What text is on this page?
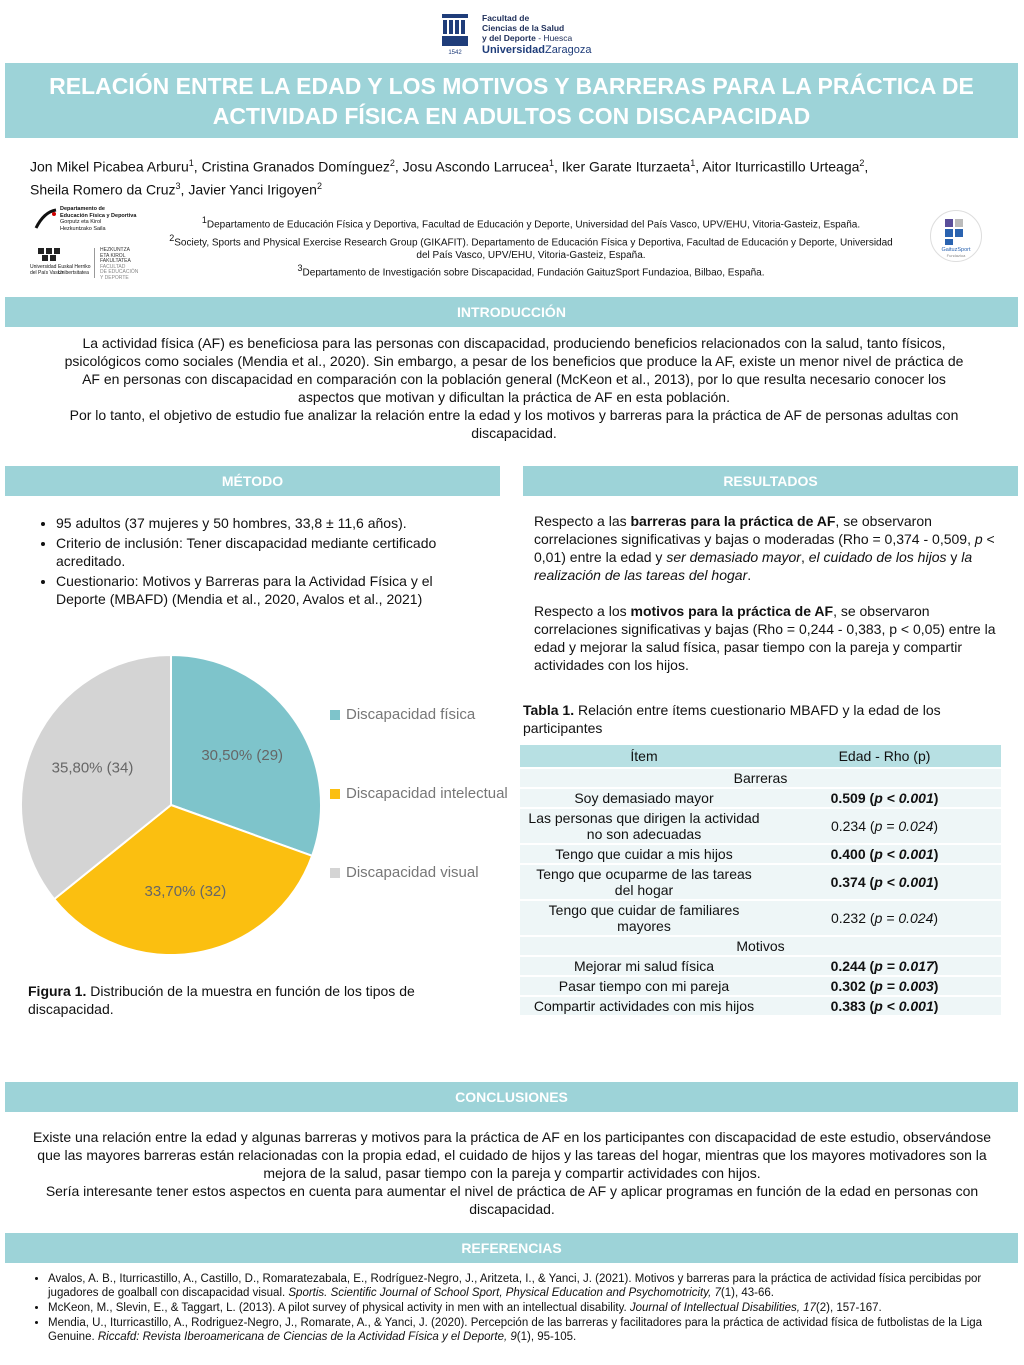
1542
Facultad de
Ciencias de la Salud
y del Deporte - Huesca
UniversidadZaragoza
RELACIÓN ENTRE LA EDAD Y LOS MOTIVOS Y BARRERAS PARA LA PRÁCTICA DE
ACTIVIDAD FÍSICA EN ADULTOS CON DISCAPACIDAD
Jon Mikel Picabea Arburu$^1$, Cristina Granados Domínguez$^2$, Josu Ascondo Larrucea$^1$, Iker Garate Iturzaeta$^1$, Aitor Iturricastillo Urteaga$^2$,
Sheila Romero da Cruz$^3$, Javier Yanci Irigoyen$^2$
Departamento de
Educación Física y Deportiva
Gorputz eta Kirol
Hezkuntzako Saila
Universidad
del País Vasco
Euskal Herriko
Unibertsitatea
HEZKUNTZA
ETA KIROL
FAKULTATEA
FACULTAD
DE EDUCACIÓN
Y DEPORTE
$^1$Departamento de Educación Física y Deportiva, Facultad de Educación y Deporte, Universidad del País Vasco, UPV/EHU, Vitoria-Gasteiz, España.
$^2$Society, Sports and Physical Exercise Research Group (GIKAFIT). Departamento de Educación Física y Deportiva, Facultad de Educación y Deporte, Universidad del País Vasco, UPV/EHU, Vitoria-Gasteiz, España.
$^3$Departamento de Investigación sobre Discapacidad, Fundación GaituzSport Fundazioa, Bilbao, España.
GaituzSport
Fundazioa
INTRODUCCIÓN
La actividad física (AF) es beneficiosa para las personas con discapacidad, produciendo beneficios relacionados con la salud, tanto físicos, psicológicos como sociales (Mendia et al., 2020). Sin embargo, a pesar de los beneficios que produce la AF, existe un menor nivel de práctica de AF en personas con discapacidad en comparación con la población general (McKeon et al., 2013), por lo que resulta necesario conocer los aspectos que motivan y dificultan la práctica de AF en esta población.
Por lo tanto, el objetivo de estudio fue analizar la relación entre la edad y los motivos y barreras para la práctica de AF de personas adultas con discapacidad.
MÉTODO
• 95 adultos (37 mujeres y 50 hombres, 33,8 ± 11,6 años).
• Criterio de inclusión: Tener discapacidad mediante certificado acreditado.
• Cuestionario: Motivos y Barreras para la Actividad Física y el Deporte (MBAFD) (Mendia et al., 2020, Avalos et al., 2021)
30,50% (29)
33,70% (32)
35,80% (34)
Discapacidad física
Discapacidad intelectual
Discapacidad visual
Figura 1. Distribución de la muestra en función de los tipos de discapacidad.
RESULTADOS
Respecto a las barreras para la práctica de AF, se observaron correlaciones significativas y bajas o moderadas (Rho = 0,374 - 0,509, p < 0,01) entre la edad y ser demasiado mayor, el cuidado de los hijos y la realización de las tareas del hogar.
Respecto a los motivos para la práctica de AF, se observaron correlaciones significativas y bajas (Rho = 0,244 - 0,383, p < 0,05) entre la edad y mejorar la salud física, pasar tiempo con la pareja y compartir actividades con los hijos.
Tabla 1. Relación entre ítems cuestionario MBAFD y la edad de los participantes
Ítem	Edad - Rho (p)
Barreras	
Soy demasiado mayor	0.509 (p < 0.001)
Las personas que dirigen la actividad no son adecuadas	0.234 (p = 0.024)
Tengo que cuidar a mis hijos	0.400 (p < 0.001)
Tengo que ocuparme de las tareas del hogar	0.374 (p < 0.001)
Tengo que cuidar de familiares mayores	0.232 (p = 0.024)
Motivos	
Mejorar mi salud física	0.244 (p = 0.017)
Pasar tiempo con mi pareja	0.302 (p = 0.003)
Compartir actividades con mis hijos	0.383 (p < 0.001)
CONCLUSIONES
Existe una relación entre la edad y algunas barreras y motivos para la práctica de AF en los participantes con discapacidad de este estudio, observándose que las mayores barreras están relacionadas con la propia edad, el cuidado de hijos y las tareas del hogar, mientras que los mayores motivadores son la mejora de la salud, pasar tiempo con la pareja y compartir actividades con hijos.
Sería interesante tener estos aspectos en cuenta para aumentar el nivel de práctica de AF y aplicar programas en función de la edad en personas con discapacidad.
REFERENCIAS
• Avalos, A. B., Iturricastillo, A., Castillo, D., Romaratezabala, E., Rodríguez-Negro, J., Aritzeta, I., & Yanci, J. (2021). Motivos y barreras para la práctica de actividad física percibidas por jugadores de goalball con discapacidad visual. Sportis. Scientific Journal of School Sport, Physical Education and Psychomotricity, 7(1), 43-66.
• McKeon, M., Slevin, E., & Taggart, L. (2013). A pilot survey of physical activity in men with an intellectual disability. Journal of Intellectual Disabilities, 17(2), 157-167.
• Mendia, U., Iturricastillo, A., Rodriguez-Negro, J., Romarate, A., & Yanci, J. (2020). Percepción de las barreras y facilitadores para la práctica de actividad física de futbolistas de la Liga Genuine. Riccafd: Revista Iberoamericana de Ciencias de la Actividad Física y el Deporte, 9(1), 95-105.
